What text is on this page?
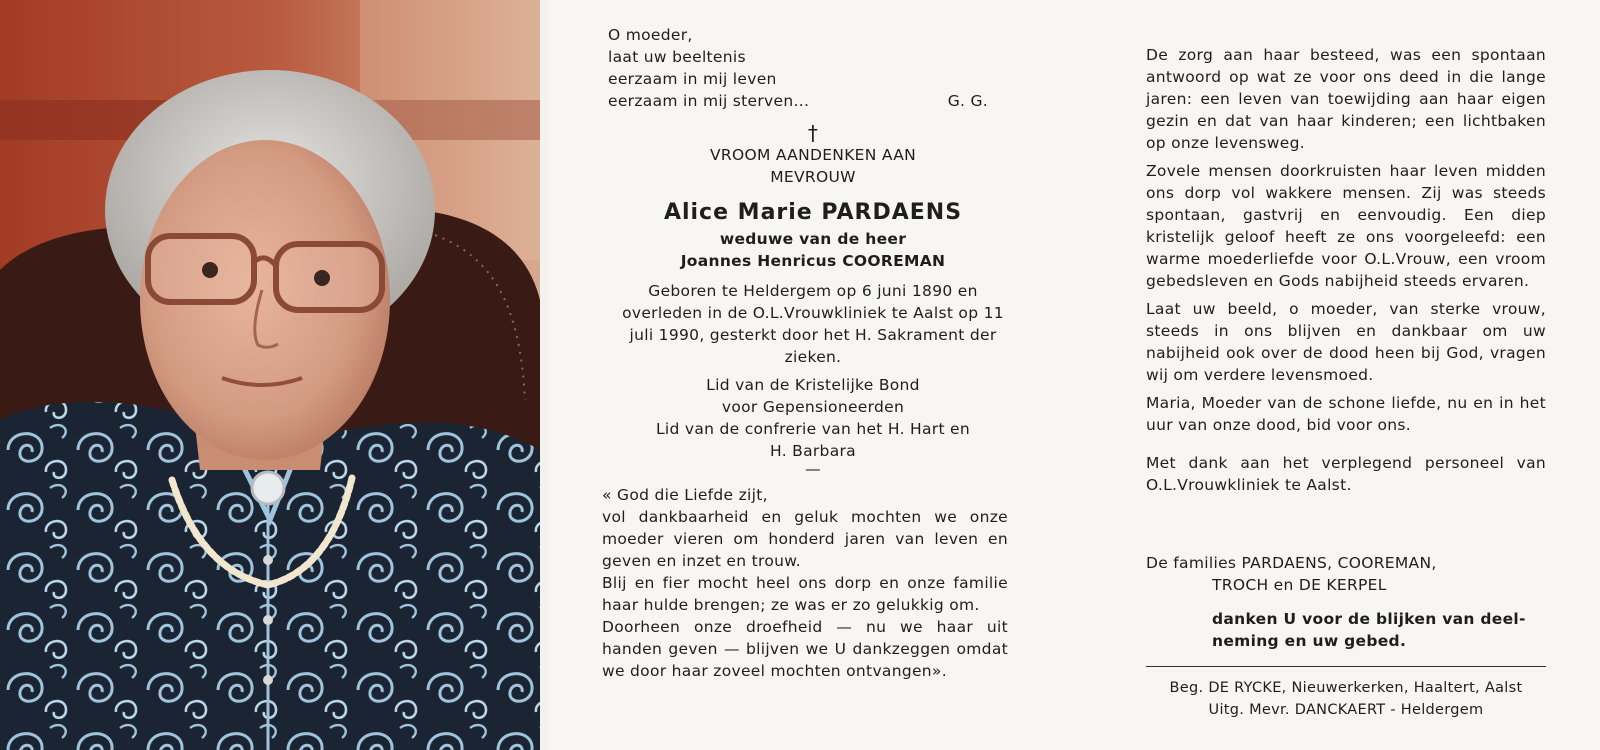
O moeder,
laat uw beeltenis
eerzaam in mij leven
eerzaam in mij sterven...	G. G.
†
VROOM AANDENKEN AAN
MEVROUW
Alice Marie PARDAENS
weduwe van de heer
Joannes Henricus COOREMAN
Geboren te Heldergem op 6 juni 1890 en overleden in de O.L.Vrouwkliniek te Aalst op 11 juli 1990, gesterkt door het H. Sakrament der zieken.
Lid van de Kristelijke Bond voor Gepensioneerden
Lid van de confrerie van het H. Hart en H. Barbara
—
« God die Liefde zijt,
vol dankbaarheid en geluk mochten we onze moeder vieren om honderd jaren van leven en geven en inzet en trouw.
Blij en fier mocht heel ons dorp en onze familie haar hulde brengen; ze was er zo gelukkig om.
Doorheen onze droefheid — nu we haar uit handen geven — blijven we U dankzeggen omdat we door haar zoveel mochten ontvangen».
De zorg aan haar besteed, was een spontaan antwoord op wat ze voor ons deed in die lange jaren: een leven van toewijding aan haar eigen gezin en dat van haar kinderen; een lichtbaken op onze levensweg.
Zovele mensen doorkruisten haar leven midden ons dorp vol wakkere mensen. Zij was steeds spontaan, gastvrij en eenvoudig. Een diep kristelijk geloof heeft ze ons voorgeleefd: een warme moederliefde voor O.L.Vrouw, een vroom gebedsleven en Gods nabijheid steeds ervaren.
Laat uw beeld, o moeder, van sterke vrouw, steeds in ons blijven en dankbaar om uw nabijheid ook over de dood heen bij God, vragen wij om verdere levensmoed.
Maria, Moeder van de schone liefde, nu en in het uur van onze dood, bid voor ons.
Met dank aan het verplegend personeel van O.L.Vrouwkliniek te Aalst.
De families PARDAENS, COOREMAN,
TROCH en DE KERPEL
danken U voor de blijken van deel-
neming en uw gebed.
Beg. DE RYCKE, Nieuwerkerken, Haaltert, Aalst
Uitg. Mevr. DANCKAERT - Heldergem
